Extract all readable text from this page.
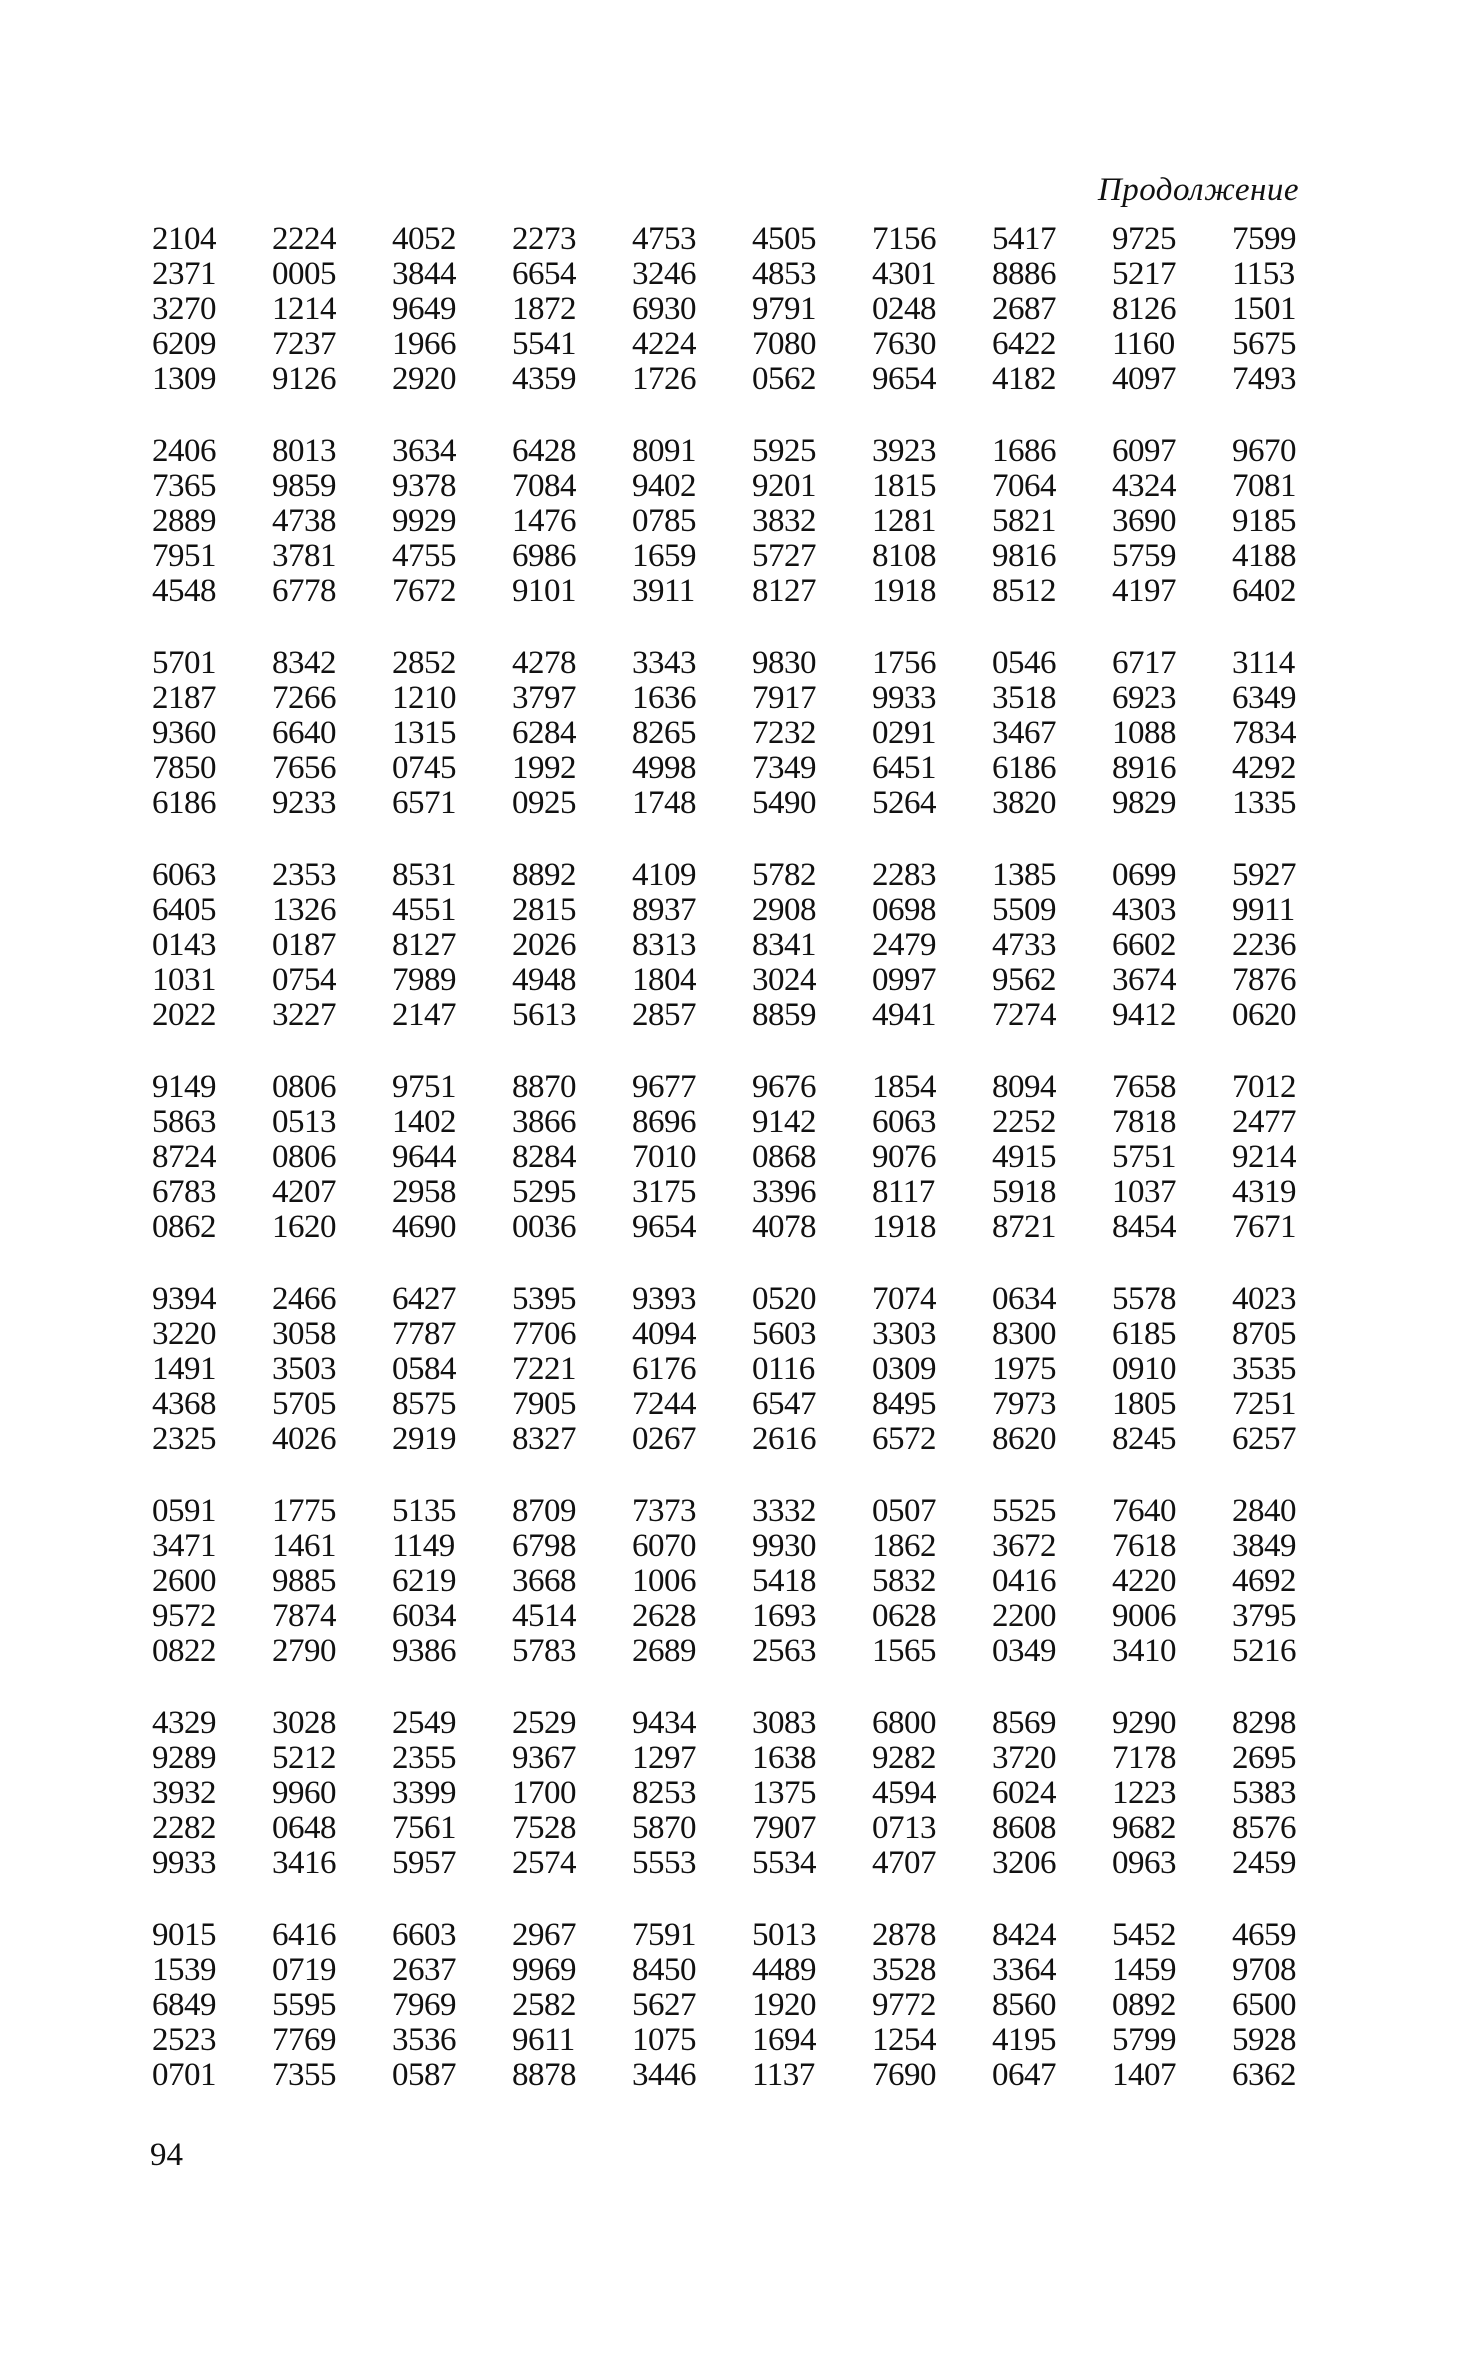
Продолжение
2104	2224	4052	2273	4753	4505	7156	5417	9725	7599
2371	0005	3844	6654	3246	4853	4301	8886	5217	1153
3270	1214	9649	1872	6930	9791	0248	2687	8126	1501
6209	7237	1966	5541	4224	7080	7630	6422	1160	5675
1309	9126	2920	4359	1726	0562	9654	4182	4097	7493
2406	8013	3634	6428	8091	5925	3923	1686	6097	9670
7365	9859	9378	7084	9402	9201	1815	7064	4324	7081
2889	4738	9929	1476	0785	3832	1281	5821	3690	9185
7951	3781	4755	6986	1659	5727	8108	9816	5759	4188
4548	6778	7672	9101	3911	8127	1918	8512	4197	6402
5701	8342	2852	4278	3343	9830	1756	0546	6717	3114
2187	7266	1210	3797	1636	7917	9933	3518	6923	6349
9360	6640	1315	6284	8265	7232	0291	3467	1088	7834
7850	7656	0745	1992	4998	7349	6451	6186	8916	4292
6186	9233	6571	0925	1748	5490	5264	3820	9829	1335
6063	2353	8531	8892	4109	5782	2283	1385	0699	5927
6405	1326	4551	2815	8937	2908	0698	5509	4303	9911
0143	0187	8127	2026	8313	8341	2479	4733	6602	2236
1031	0754	7989	4948	1804	3024	0997	9562	3674	7876
2022	3227	2147	5613	2857	8859	4941	7274	9412	0620
9149	0806	9751	8870	9677	9676	1854	8094	7658	7012
5863	0513	1402	3866	8696	9142	6063	2252	7818	2477
8724	0806	9644	8284	7010	0868	9076	4915	5751	9214
6783	4207	2958	5295	3175	3396	8117	5918	1037	4319
0862	1620	4690	0036	9654	4078	1918	8721	8454	7671
9394	2466	6427	5395	9393	0520	7074	0634	5578	4023
3220	3058	7787	7706	4094	5603	3303	8300	6185	8705
1491	3503	0584	7221	6176	0116	0309	1975	0910	3535
4368	5705	8575	7905	7244	6547	8495	7973	1805	7251
2325	4026	2919	8327	0267	2616	6572	8620	8245	6257
0591	1775	5135	8709	7373	3332	0507	5525	7640	2840
3471	1461	1149	6798	6070	9930	1862	3672	7618	3849
2600	9885	6219	3668	1006	5418	5832	0416	4220	4692
9572	7874	6034	4514	2628	1693	0628	2200	9006	3795
0822	2790	9386	5783	2689	2563	1565	0349	3410	5216
4329	3028	2549	2529	9434	3083	6800	8569	9290	8298
9289	5212	2355	9367	1297	1638	9282	3720	7178	2695
3932	9960	3399	1700	8253	1375	4594	6024	1223	5383
2282	0648	7561	7528	5870	7907	0713	8608	9682	8576
9933	3416	5957	2574	5553	5534	4707	3206	0963	2459
9015	6416	6603	2967	7591	5013	2878	8424	5452	4659
1539	0719	2637	9969	8450	4489	3528	3364	1459	9708
6849	5595	7969	2582	5627	1920	9772	8560	0892	6500
2523	7769	3536	9611	1075	1694	1254	4195	5799	5928
0701	7355	0587	8878	3446	1137	7690	0647	1407	6362
94
